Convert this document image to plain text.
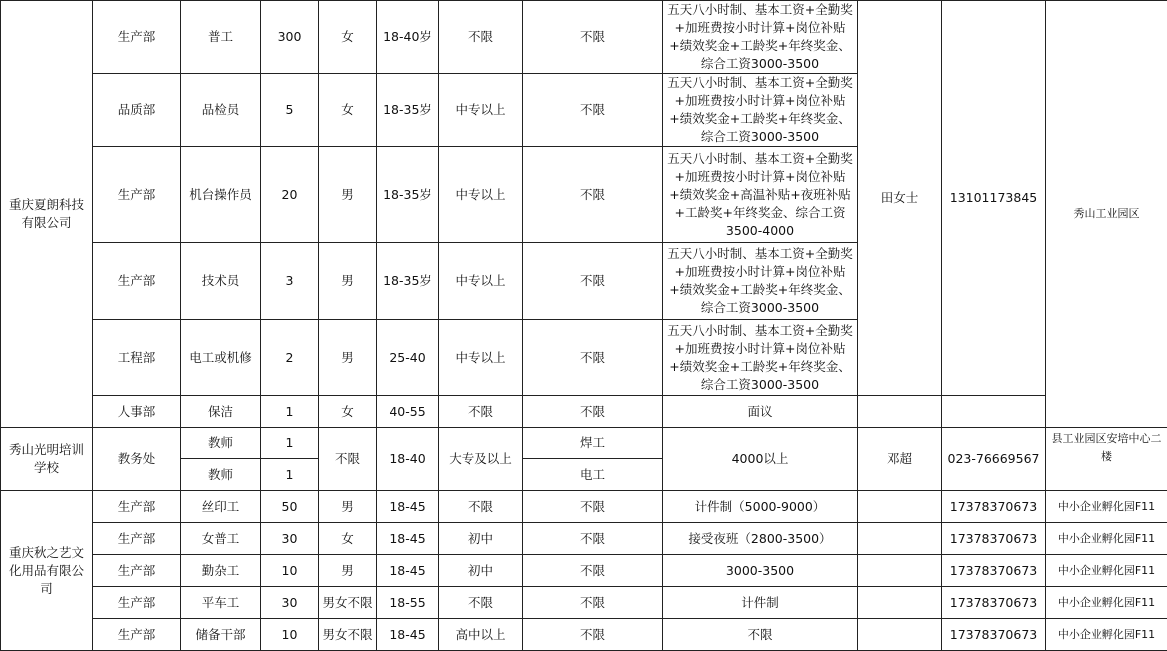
重庆夏朗科技有限公司	生产部	普工	300	女	18-40岁	不限	不限	五天八小时制、基本工资+全勤奖+加班费按小时计算+岗位补贴+绩效奖金+工龄奖+年终奖金、综合工资3000-3500	田女士	13101173845	秀山工业园区
	品质部	品检员	5	女	18-35岁	中专以上	不限	五天八小时制、基本工资+全勤奖+加班费按小时计算+岗位补贴+绩效奖金+工龄奖+年终奖金、综合工资3000-3500			
	生产部	机台操作员	20	男	18-35岁	中专以上	不限	五天八小时制、基本工资+全勤奖+加班费按小时计算+岗位补贴+绩效奖金+高温补贴+夜班补贴+工龄奖+年终奖金、综合工资3500-4000			
	生产部	技术员	3	男	18-35岁	中专以上	不限	五天八小时制、基本工资+全勤奖+加班费按小时计算+岗位补贴+绩效奖金+工龄奖+年终奖金、综合工资3000-3500			
	工程部	电工或机修	2	男	25-40	中专以上	不限	五天八小时制、基本工资+全勤奖+加班费按小时计算+岗位补贴+绩效奖金+工龄奖+年终奖金、综合工资3000-3500			
	人事部	保洁	1	女	40-55	不限	不限	面议			
秀山光明培训学校	教务处	教师	1	不限	18-40	大专及以上	焊工	4000以上	邓超	023-76669567	县工业园区安培中心二楼
		教师	1				电工				
重庆秋之艺文化用品有限公司	生产部	丝印工	50	男	18-45	不限	不限	计件制（5000-9000）		17378370673	中小企业孵化园F11
	生产部	女普工	30	女	18-45	初中	不限	接受夜班（2800-3500）		17378370673	中小企业孵化园F11
	生产部	勤杂工	10	男	18-45	初中	不限	3000-3500		17378370673	中小企业孵化园F11
	生产部	平车工	30	男女不限	18-55	不限	不限	计件制		17378370673	中小企业孵化园F11
	生产部	储备干部	10	男女不限	18-45	高中以上	不限	不限		17378370673	中小企业孵化园F11
